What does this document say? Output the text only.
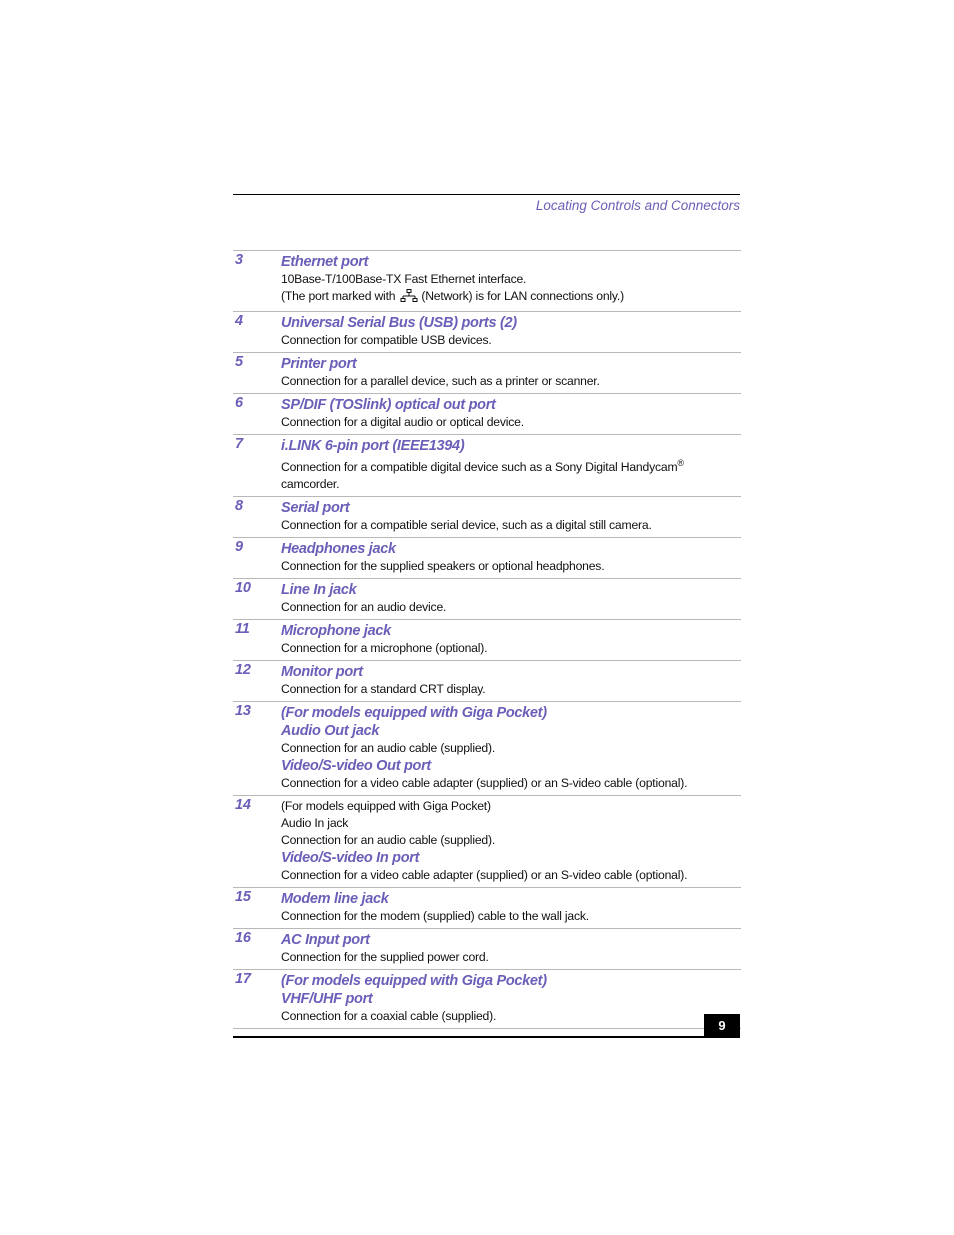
Locating Controls and Connectors
3	Ethernet port
10Base-T/100Base-TX Fast Ethernet interface.
(The port marked with (Network) is for LAN connections only.)
4	Universal Serial Bus (USB) ports (2)
Connection for compatible USB devices.
5	Printer port
Connection for a parallel device, such as a printer or scanner.
6	SP/DIF (TOSlink) optical out port
Connection for a digital audio or optical device.
7	i.LINK 6-pin port (IEEE1394)
Connection for a compatible digital device such as a Sony Digital Handycam®
camcorder.
8	Serial port
Connection for a compatible serial device, such as a digital still camera.
9	Headphones jack
Connection for the supplied speakers or optional headphones.
10 Line In jack
Connection for an audio device.
11 Microphone jack
Connection for a microphone (optional).
12 Monitor port
Connection for a standard CRT display.
13 (For models equipped with Giga Pocket)
Audio Out jack
Connection for an audio cable (supplied).
Video/S-video Out port
Connection for a video cable adapter (supplied) or an S-video cable (optional).
14 (For models equipped with Giga Pocket)
Audio In jack
Connection for an audio cable (supplied).
Video/S-video In port
Connection for a video cable adapter (supplied) or an S-video cable (optional).
15 Modem line jack
Connection for the modem (supplied) cable to the wall jack.
16 AC Input port
Connection for the supplied power cord.
17 (For models equipped with Giga Pocket)
VHF/UHF port
Connection for a coaxial cable (supplied).
9
